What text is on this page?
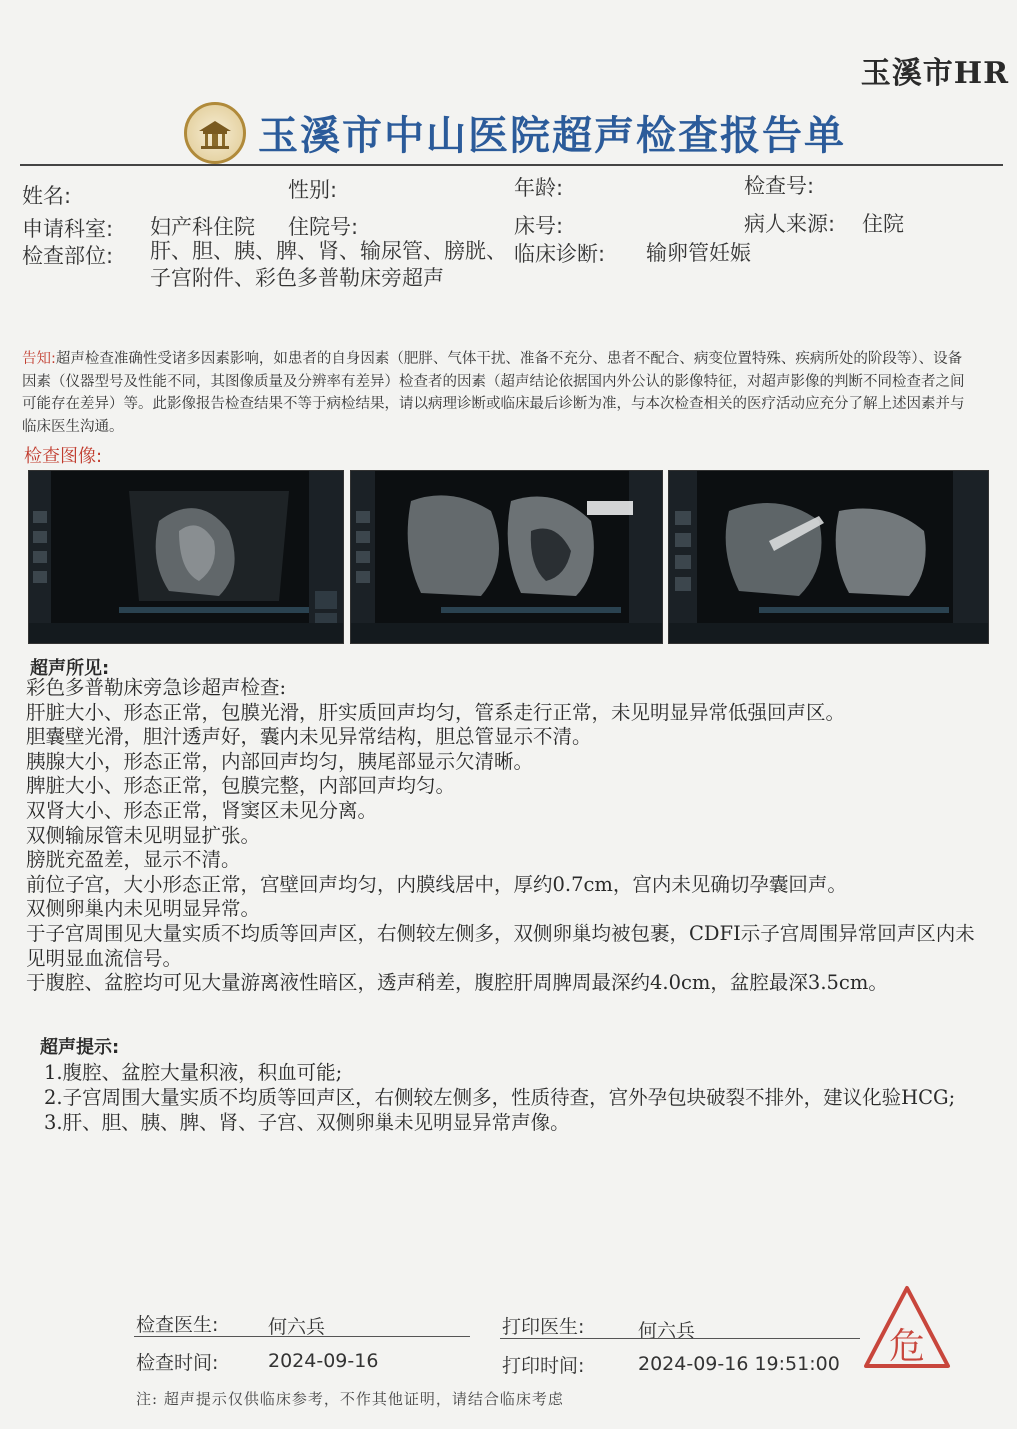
玉溪市HR
玉溪市中山医院超声检查报告单
姓名:	性别:	年龄:	检查号:
申请科室: 妇产科住院 住院号:	床号:	病人来源: 住院
检查部位: 肝、胆、胰、脾、肾、输尿管、膀胱、子宫附件、彩色多普勒床旁超声
临床诊断: 输卵管妊娠
告知:超声检查准确性受诸多因素影响，如患者的自身因素（肥胖、气体干扰、准备不充分、患者不配合、病变位置特殊、疾病所处的阶段等）、设备因素（仪器型号及性能不同，其图像质量及分辨率有差异）检查者的因素（超声结论依据国内外公认的影像特征，对超声影像的判断不同检查者之间可能存在差异）等。此影像报告检查结果不等于病检结果，请以病理诊断或临床最后诊断为准，与本次检查相关的医疗活动应充分了解上述因素并与临床医生沟通。
检查图像:
超声所见:
彩色多普勒床旁急诊超声检查:
肝脏大小、形态正常，包膜光滑，肝实质回声均匀，管系走行正常，未见明显异常低强回声区。
胆囊壁光滑，胆汁透声好，囊内未见异常结构，胆总管显示不清。
胰腺大小，形态正常，内部回声均匀，胰尾部显示欠清晰。
脾脏大小、形态正常，包膜完整，内部回声均匀。
双肾大小、形态正常，肾窦区未见分离。
双侧输尿管未见明显扩张。
膀胱充盈差，显示不清。
前位子宫，大小形态正常，宫壁回声均匀，内膜线居中，厚约0.7cm，宫内未见确切孕囊回声。
双侧卵巢内未见明显异常。
于子宫周围见大量实质不均质等回声区，右侧较左侧多，双侧卵巢均被包裹，CDFI示子宫周围异常回声区内未见明显血流信号。
于腹腔、盆腔均可见大量游离液性暗区，透声稍差，腹腔肝周脾周最深约4.0cm，盆腔最深3.5cm。
超声提示:
1.腹腔、盆腔大量积液，积血可能;
2.子宫周围大量实质不均质等回声区，右侧较左侧多，性质待查，宫外孕包块破裂不排外，建议化验HCG;
3.肝、胆、胰、脾、肾、子宫、双侧卵巢未见明显异常声像。
检查医生:	何六兵	打印医生:	何六兵
检查时间:	2024-09-16	打印时间:	2024-09-16 19:51:00
注: 超声提示仅供临床参考，不作其他证明，请结合临床考虑
危
